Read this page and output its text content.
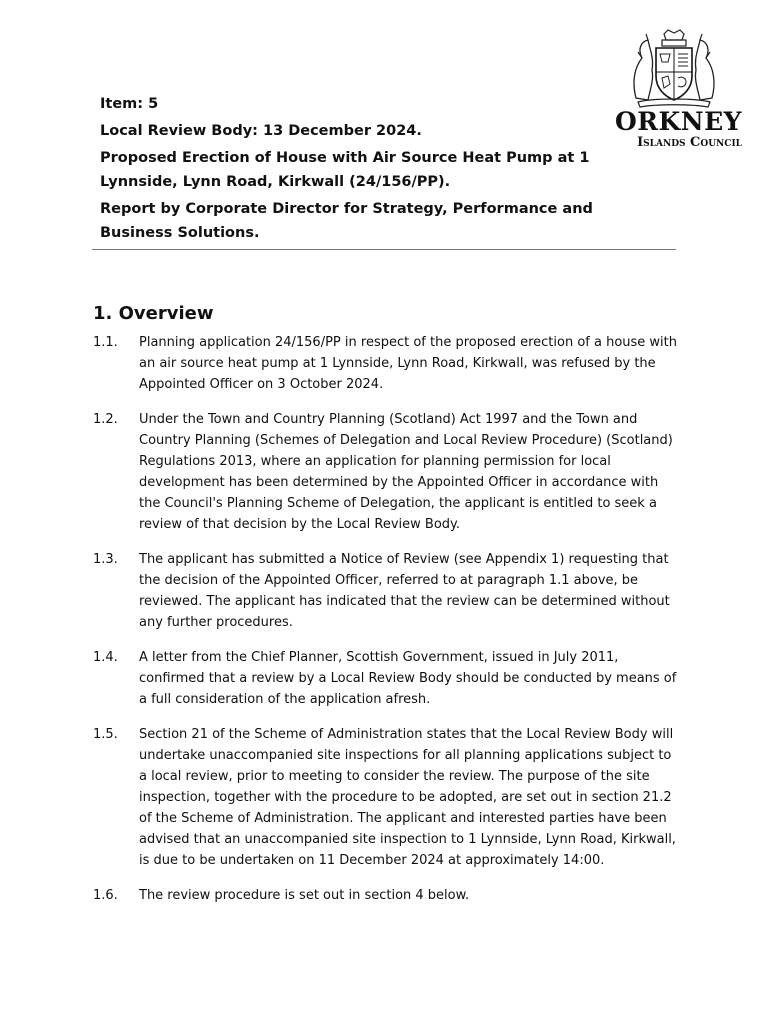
ORKNEY
Islands Council
Item: 5
Local Review Body: 13 December 2024.
Proposed Erection of House with Air Source Heat Pump at 1 Lynnside, Lynn Road, Kirkwall (24/156/PP).
Report by Corporate Director for Strategy, Performance and Business Solutions.
1. Overview
1.1.	Planning application 24/156/PP in respect of the proposed erection of a house with an air source heat pump at 1 Lynnside, Lynn Road, Kirkwall, was refused by the Appointed Officer on 3 October 2024.
1.2.	Under the Town and Country Planning (Scotland) Act 1997 and the Town and Country Planning (Schemes of Delegation and Local Review Procedure) (Scotland) Regulations 2013, where an application for planning permission for local development has been determined by the Appointed Officer in accordance with the Council's Planning Scheme of Delegation, the applicant is entitled to seek a review of that decision by the Local Review Body.
1.3.	The applicant has submitted a Notice of Review (see Appendix 1) requesting that the decision of the Appointed Officer, referred to at paragraph 1.1 above, be reviewed. The applicant has indicated that the review can be determined without any further procedures.
1.4.	A letter from the Chief Planner, Scottish Government, issued in July 2011, confirmed that a review by a Local Review Body should be conducted by means of a full consideration of the application afresh.
1.5.	Section 21 of the Scheme of Administration states that the Local Review Body will undertake unaccompanied site inspections for all planning applications subject to a local review, prior to meeting to consider the review. The purpose of the site inspection, together with the procedure to be adopted, are set out in section 21.2 of the Scheme of Administration. The applicant and interested parties have been advised that an unaccompanied site inspection to 1 Lynnside, Lynn Road, Kirkwall, is due to be undertaken on 11 December 2024 at approximately 14:00.
1.6.	The review procedure is set out in section 4 below.
